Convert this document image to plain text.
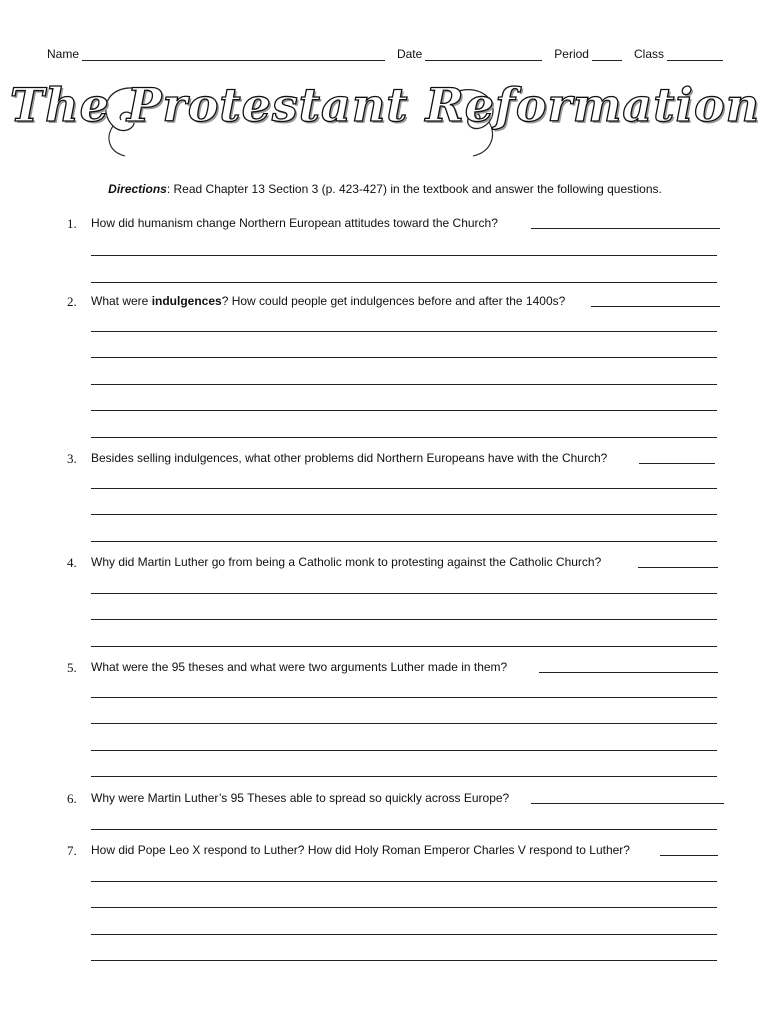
Name	Date	Period	Class
The Protestant Reformation
Directions: Read Chapter 13 Section 3 (p. 423-427) in the textbook and answer the following questions.
1. How did humanism change Northern European attitudes toward the Church?
2. What were indulgences? How could people get indulgences before and after the 1400s?
3. Besides selling indulgences, what other problems did Northern Europeans have with the Church?
4. Why did Martin Luther go from being a Catholic monk to protesting against the Catholic Church?
5. What were the 95 theses and what were two arguments Luther made in them?
6. Why were Martin Luther’s 95 Theses able to spread so quickly across Europe?
7. How did Pope Leo X respond to Luther? How did Holy Roman Emperor Charles V respond to Luther?
